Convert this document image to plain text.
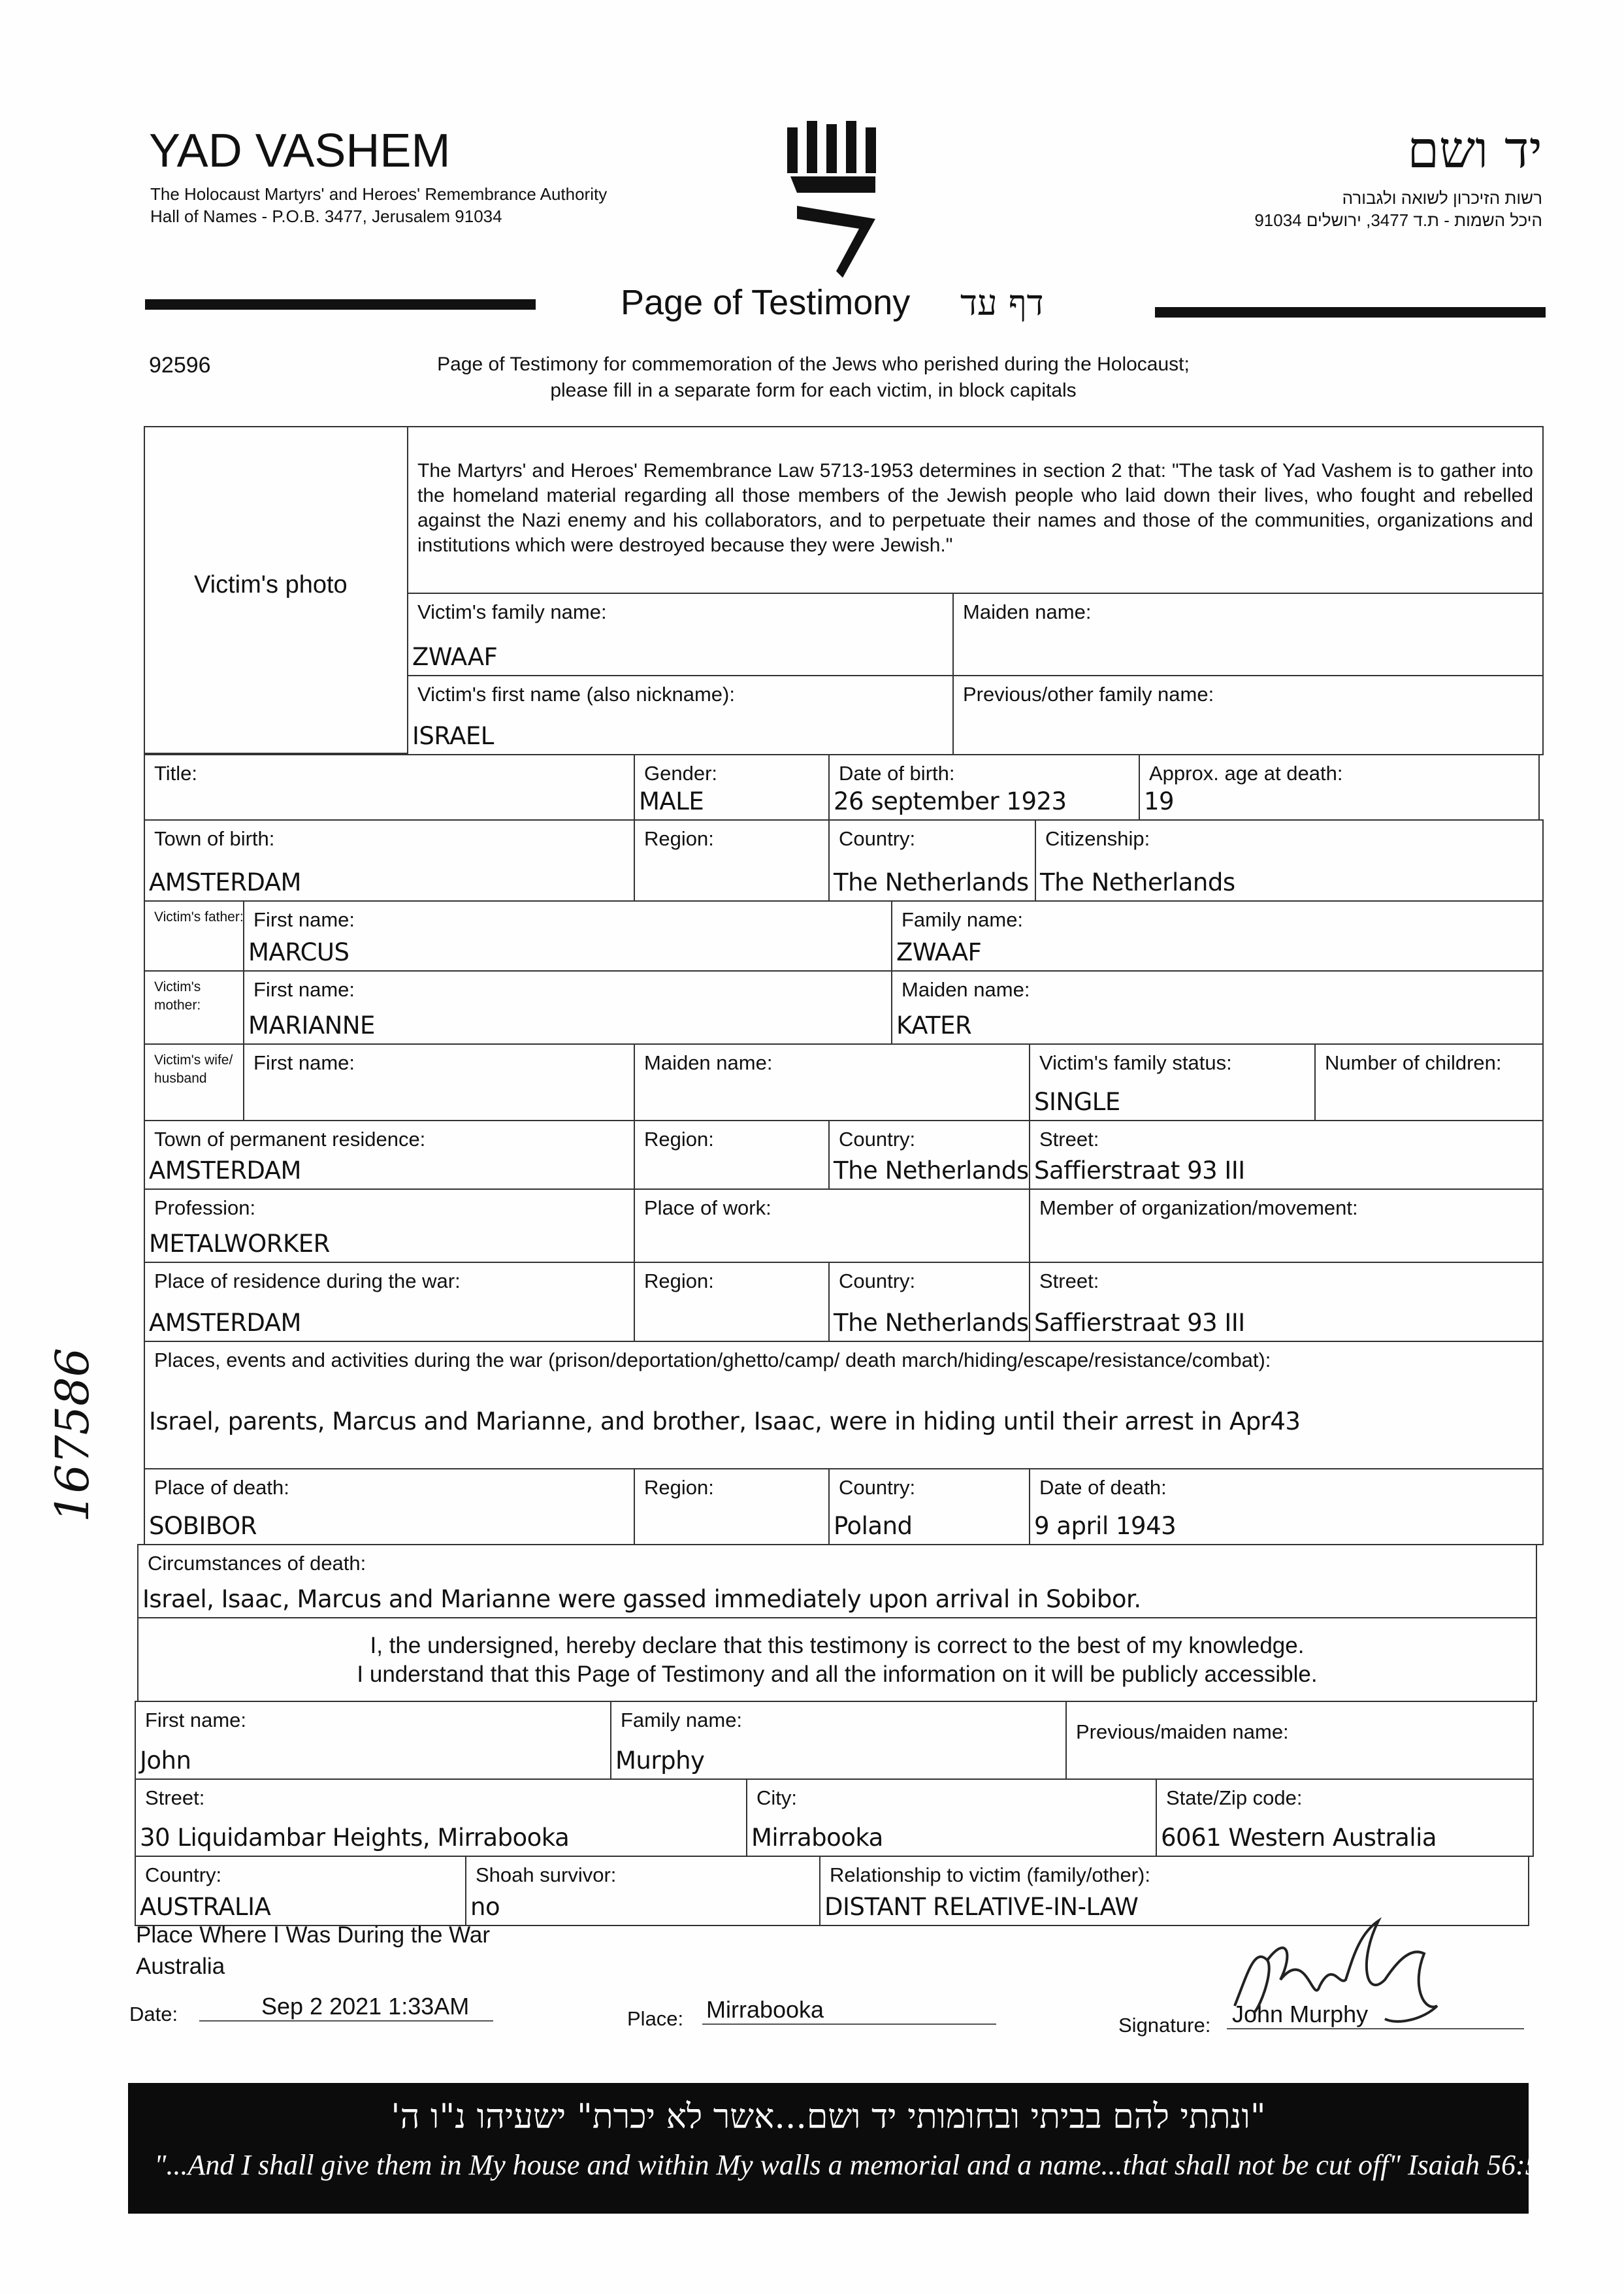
YAD VASHEM
The Holocaust Martyrs' and Heroes' Remembrance Authority
Hall of Names - P.O.B. 3477, Jerusalem 91034
יד ושם
רשות הזיכרון לשואה ולגבורה
היכל השמות - ת.ד 3477, ירושלים 91034
Page of Testimony דף עד
92596	Page of Testimony for commemoration of the Jews who perished during the Holocaust;
please fill in a separate form for each victim, in block capitals
167586
Victim's photo
The Martyrs' and Heroes' Remembrance Law 5713-1953 determines in section 2 that: "The task of Yad Vashem is to gather into the homeland material regarding all those members of the Jewish people who laid down their lives, who fought and rebelled against the Nazi enemy and his collaborators, and to perpetuate their names and those of the communities, organizations and institutions which were destroyed because they were Jewish."
Victim's family name:
ZWAAF
Maiden name:
Victim's first name (also nickname):
ISRAEL
Previous/other family name:
Title:	Gender:
MALE
Date of birth:
26 september 1923
Approx. age at death:
19
Town of birth:
AMSTERDAM
Region:	Country:
The Netherlands
Citizenship:
The Netherlands
Victim's father: First name:
MARCUS
Family name:
ZWAAF
Victim's mother:
First name:
MARIANNE
Maiden name:
KATER
Victim's wife/ husband
First name:	Maiden name:	Victim's family status:
SINGLE
Number of children:
Town of permanent residence:
AMSTERDAM
Region:	Country:
The Netherlands
Street:
Saffierstraat 93 III
Profession:
METALWORKER
Place of work:	Member of organization/movement:
Place of residence during the war:
AMSTERDAM
Region:	Country:
The Netherlands
Street:
Saffierstraat 93 III
Places, events and activities during the war (prison/deportation/ghetto/camp/ death march/hiding/escape/resistance/combat):
Israel, parents, Marcus and Marianne, and brother, Isaac, were in hiding until their arrest in Apr43
Place of death:
SOBIBOR
Region:	Country:
Poland
Date of death:
9 april 1943
Circumstances of death:
Israel, Isaac, Marcus and Marianne were gassed immediately upon arrival in Sobibor.
I, the undersigned, hereby declare that this testimony is correct to the best of my knowledge.
I understand that this Page of Testimony and all the information on it will be publicly accessible.
First name:
John
Family name:
Murphy
Previous/maiden name:
Street:
30 Liquidambar Heights, Mirrabooka
City:
Mirrabooka
State/Zip code:
6061 Western Australia
Country:
AUSTRALIA
Shoah survivor:
no
Relationship to victim (family/other):
DISTANT RELATIVE-IN-LAW
Place Where I Was During the War
Australia
Date:	Sep 2 2021 1:33AM	Place: Mirrabooka
Signature: John Murphy
"ונתתי להם בביתי ובחומותי יד ושם...אשר לא יכרת" ישעיהו נ"ו ה'
"...And I shall give them in My house and within My walls a memorial and a name...that shall not be cut off" Isaiah 56:5
